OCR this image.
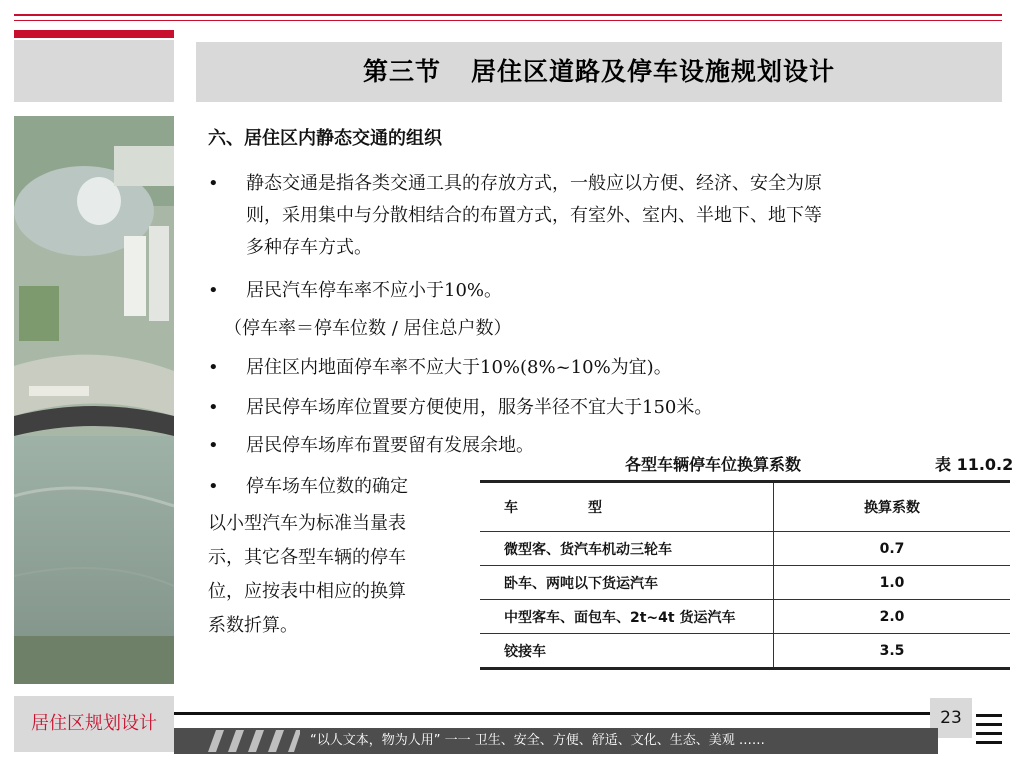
第三节 居住区道路及停车设施规划设计
六、居住区内静态交通的组织
• 静态交通是指各类交通工具的存放方式，一般应以方便、经济、安全为原
则，采用集中与分散相结合的布置方式，有室外、室内、半地下、地下等
多种存车方式。
• 居民汽车停车率不应小于10%。
（停车率＝停车位数 / 居住总户数）
• 居住区内地面停车率不应大于10%(8%~10%为宜)。
• 居民停车场库位置要方便使用，服务半径不宜大于150米。
• 居民停车场库布置要留有发展余地。
• 停车场车位数的确定
以小型汽车为标准当量表
示，其它各型车辆的停车
位，应按表中相应的换算
系数折算。
各型车辆停车位换算系数	表 11.0.2
车 型	换算系数
微型客、货汽车机动三轮车	0.7
卧车、两吨以下货运汽车	1.0
中型客车、面包车、2t~4t 货运汽车	2.0
铰接车	3.5
居住区规划设计	23
“以人文本，物为人用” 一一 卫生、安全、方便、舒适、文化、生态、美观 ……
